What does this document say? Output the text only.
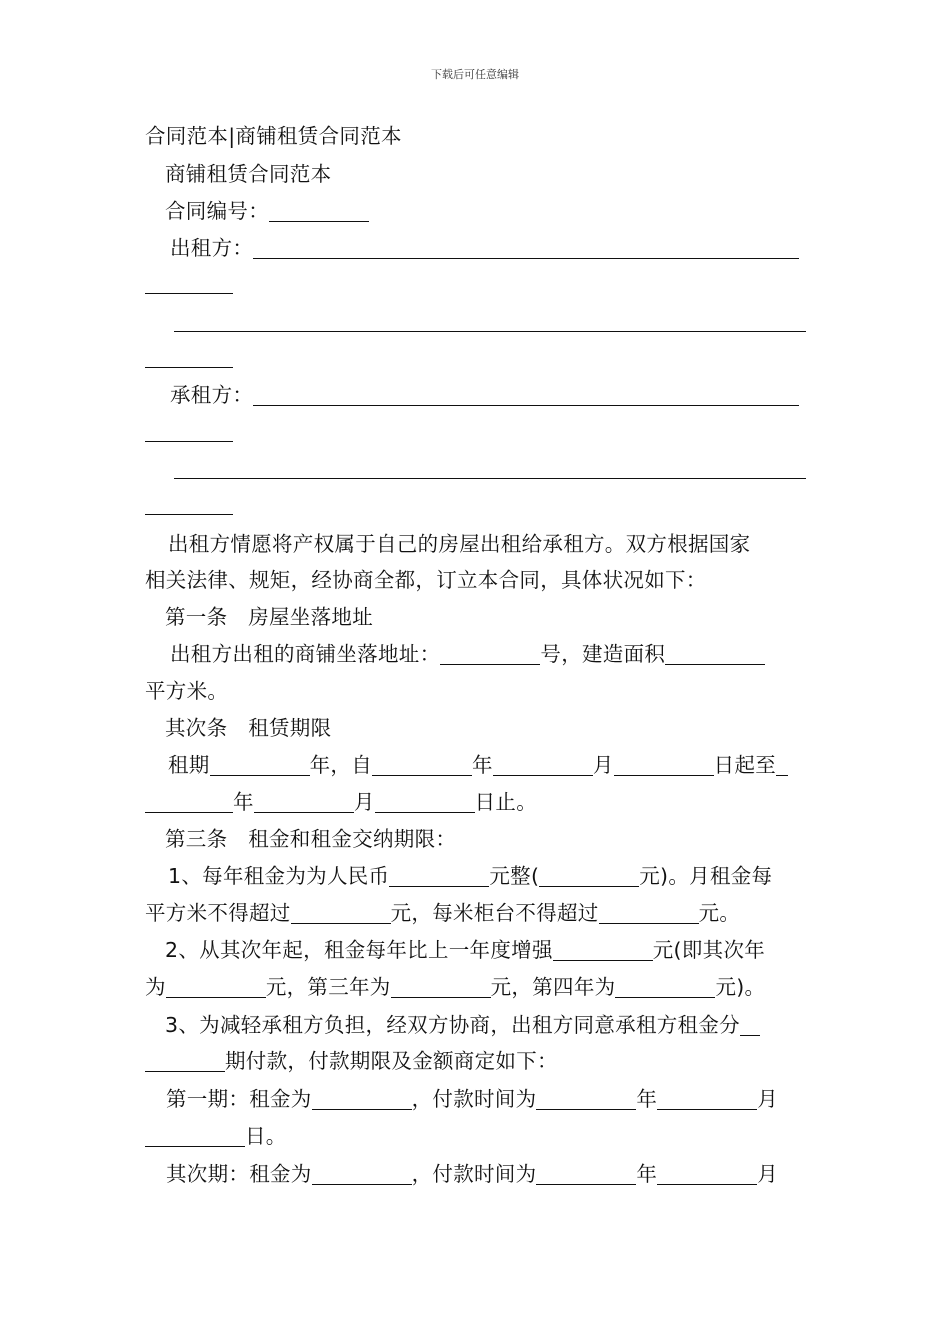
下载后可任意编辑
合同范本|商铺租赁合同范本
商铺租赁合同范本
合同编号：
出租方：
承租方：
出租方情愿将产权属于自己的房屋出租给承租方。双方根据国家
相关法律、规矩，经协商全都，订立本合同，具体状况如下：
第一条　房屋坐落地址
出租方出租的商铺坐落地址：	号，建造面积
平方米。
其次条　租赁期限
租期	年，自	年	月	日起至
年	月	日止。
第三条　租金和租金交纳期限：
1、每年租金为为人民币	元整(	元)。月租金每
平方米不得超过	元，每米柜台不得超过	元。
2、从其次年起，租金每年比上一年度增强	元(即其次年
为	元，第三年为	元，第四年为	元)。
3、为减轻承租方负担，经双方协商，出租方同意承租方租金分
期付款，付款期限及金额商定如下：
第一期：租金为	，付款时间为	年	月
日。
其次期：租金为	，付款时间为	年	月
